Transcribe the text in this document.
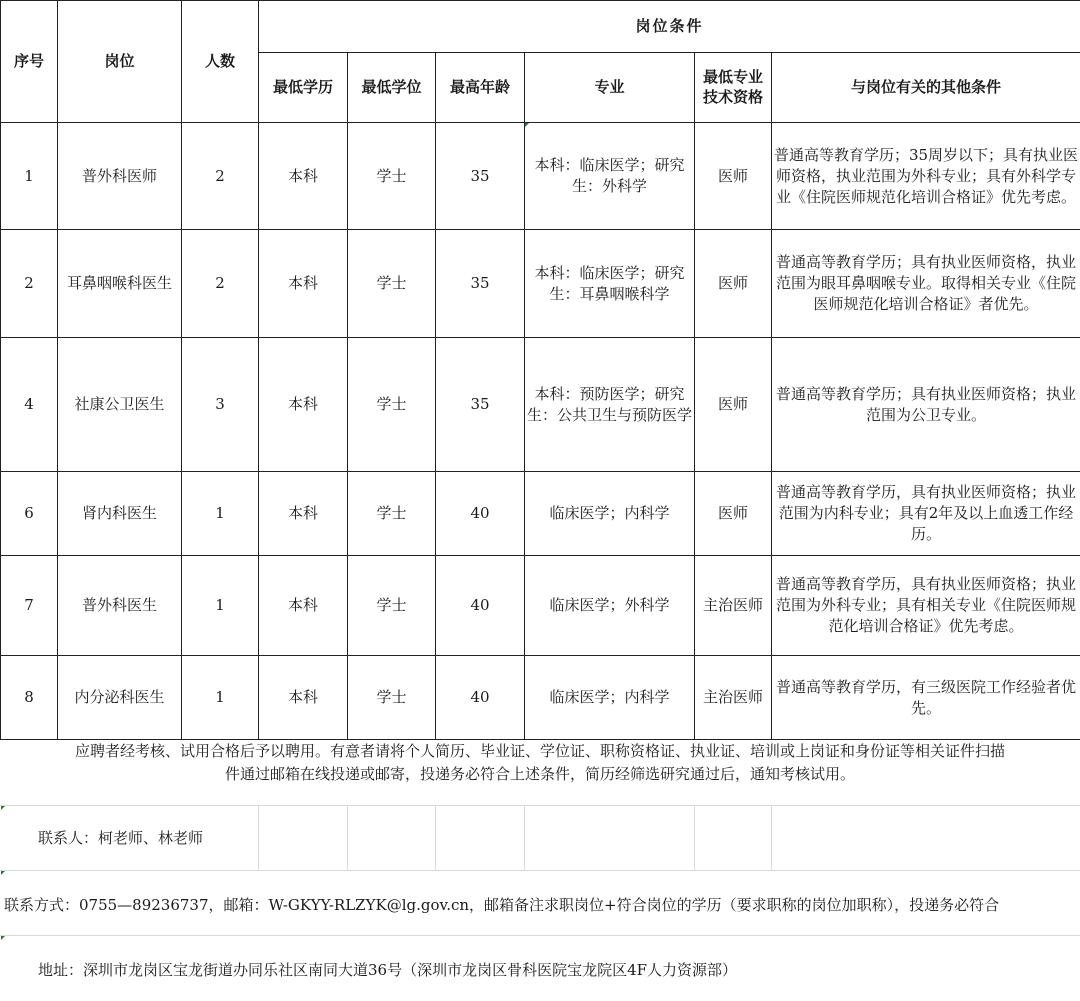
序号	岗位	人数	岗位条件					
			最低学历	最低学位	最高年龄	专业	最低专业技术资格	与岗位有关的其他条件
1	普外科医师	2	本科	学士	35	本科：临床医学；研究生：外科学	医师	普通高等教育学历；35周岁以下；具有执业医师资格，执业范围为外科专业；具有外科学专业《住院医师规范化培训合格证》优先考虑。
2	耳鼻咽喉科医生	2	本科	学士	35	本科：临床医学；研究生：耳鼻咽喉科学	医师	普通高等教育学历；具有执业医师资格，执业范围为眼耳鼻咽喉专业。取得相关专业《住院医师规范化培训合格证》者优先。
4	社康公卫医生	3	本科	学士	35	本科：预防医学；研究生：公共卫生与预防医学	医师	普通高等教育学历；具有执业医师资格；执业范围为公卫专业。
6	肾内科医生	1	本科	学士	40	临床医学；内科学	医师	普通高等教育学历，具有执业医师资格；执业范围为内科专业；具有2年及以上血透工作经历。
7	普外科医生	1	本科	学士	40	临床医学；外科学	主治医师	普通高等教育学历，具有执业医师资格；执业范围为外科专业；具有相关专业《住院医师规范化培训合格证》优先考虑。
8	内分泌科医生	1	本科	学士	40	临床医学；内科学	主治医师	普通高等教育学历，有三级医院工作经验者优先。
应聘者经考核、试用合格后予以聘用。有意者请将个人简历、毕业证、学位证、职称资格证、执业证、培训或上岗证和身份证等相关证件扫描
件通过邮箱在线投递或邮寄，投递务必符合上述条件，简历经筛选研究通过后，通知考核试用。
联系人：柯老师、林老师
联系方式：0755—89236737，邮箱：W-GKYY-RLZYK@lg.gov.cn，邮箱备注求职岗位+符合岗位的学历（要求职称的岗位加职称），投递务必符合
地址：深圳市龙岗区宝龙街道办同乐社区南同大道36号（深圳市龙岗区骨科医院宝龙院区4F人力资源部）
